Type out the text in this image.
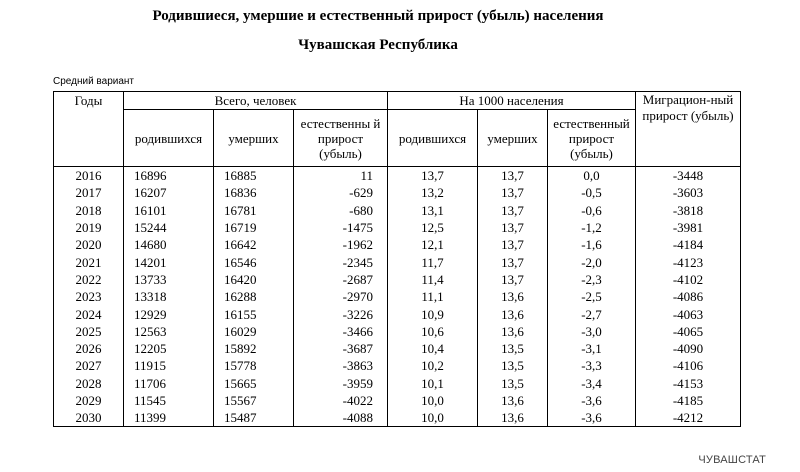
Родившиеся, умершие и естественный прирост (убыль) населения
Чувашская Республика
Средний вариант
Годы	Всего, человек			На 1000 населения			Миграцион-ный прирост (убыль)
	родившихся	умерших	естественны й прирост (убыль)	родившихся	умерших	естественный прирост (убыль)	
2016	16896	16885	11	13,7	13,7	0,0	-3448
2017	16207	16836	-629	13,2	13,7	-0,5	-3603
2018	16101	16781	-680	13,1	13,7	-0,6	-3818
2019	15244	16719	-1475	12,5	13,7	-1,2	-3981
2020	14680	16642	-1962	12,1	13,7	-1,6	-4184
2021	14201	16546	-2345	11,7	13,7	-2,0	-4123
2022	13733	16420	-2687	11,4	13,7	-2,3	-4102
2023	13318	16288	-2970	11,1	13,6	-2,5	-4086
2024	12929	16155	-3226	10,9	13,6	-2,7	-4063
2025	12563	16029	-3466	10,6	13,6	-3,0	-4065
2026	12205	15892	-3687	10,4	13,5	-3,1	-4090
2027	11915	15778	-3863	10,2	13,5	-3,3	-4106
2028	11706	15665	-3959	10,1	13,5	-3,4	-4153
2029	11545	15567	-4022	10,0	13,6	-3,6	-4185
2030	11399	15487	-4088	10,0	13,6	-3,6	-4212
ЧУВАШСТАТ
